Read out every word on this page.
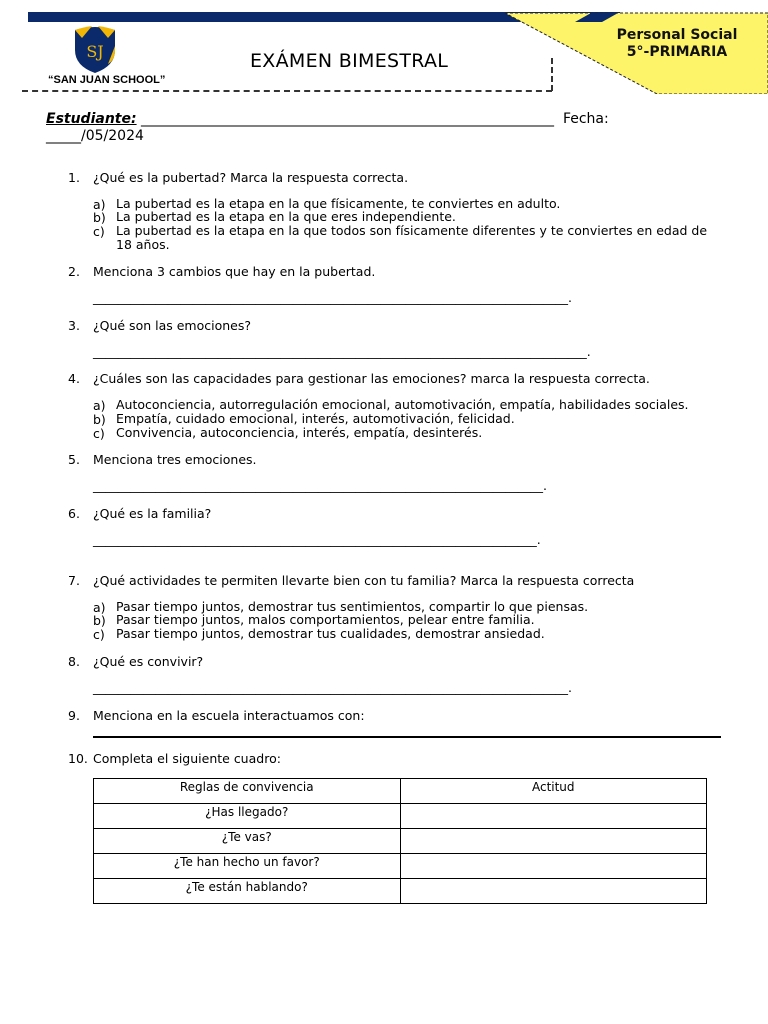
SJ
“SAN JUAN SCHOOL”
EXÁMEN BIMESTRAL
Personal Social
5°-PRIMARIA
Estudiante: ___________________________________________________________ Fecha:
_____/05/2024
1. ¿Qué es la pubertad? Marca la respuesta correcta.
a) La pubertad es la etapa en la que físicamente, te conviertes en adulto.
b) La pubertad es la etapa en la que eres independiente.
c) La pubertad es la etapa en la que todos son físicamente diferentes y te conviertes en edad de 18 años.
2. Menciona 3 cambios que hay en la pubertad.
____________________________________________________________________________.
3. ¿Qué son las emociones?
_______________________________________________________________________________.
4. ¿Cuáles son las capacidades para gestionar las emociones? marca la respuesta correcta.
a) Autoconciencia, autorregulación emocional, automotivación, empatía, habilidades sociales.
b) Empatía, cuidado emocional, interés, automotivación, felicidad.
c) Convivencia, autoconciencia, interés, empatía, desinterés.
5. Menciona tres emociones.
________________________________________________________________________.
6. ¿Qué es la familia?
_______________________________________________________________________.
7. ¿Qué actividades te permiten llevarte bien con tu familia? Marca la respuesta correcta
a) Pasar tiempo juntos, demostrar tus sentimientos, compartir lo que piensas.
b) Pasar tiempo juntos, malos comportamientos, pelear entre familia.
c) Pasar tiempo juntos, demostrar tus cualidades, demostrar ansiedad.
8. ¿Qué es convivir?
____________________________________________________________________________.
9. Menciona en la escuela interactuamos con:
10. Completa el siguiente cuadro:
Reglas de convivencia	Actitud

¿Has llegado?	

¿Te vas?	

¿Te han hecho un favor?	

¿Te están hablando?	
